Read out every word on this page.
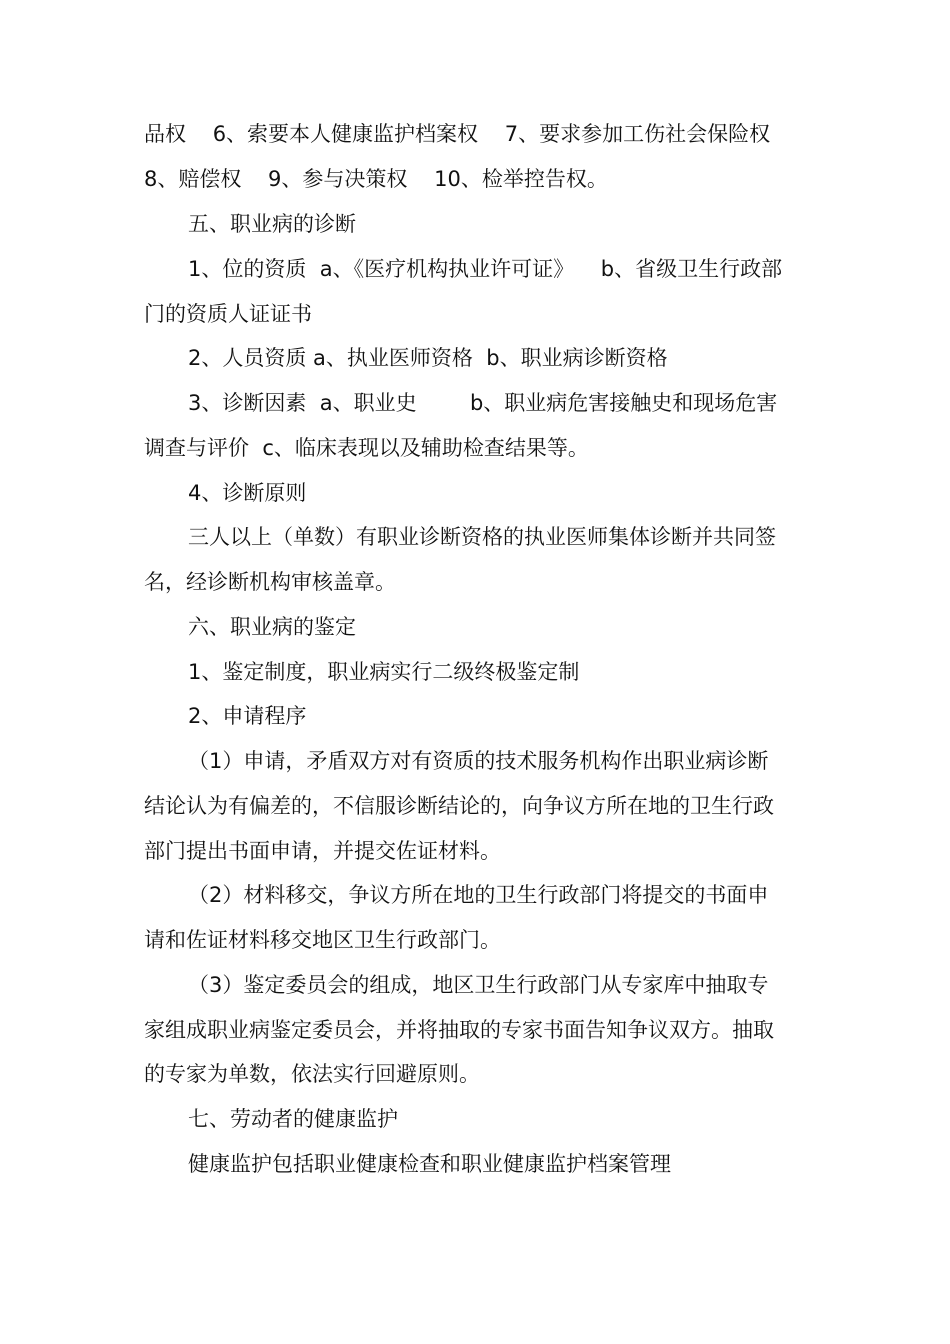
品权    6、索要本人健康监护档案权    7、要求参加工伤社会保险权
8、赔偿权    9、参与决策权    10、检举控告权。
五、职业病的诊断
1、位的资质  a、《医疗机构执业许可证》    b、省级卫生行政部
门的资质人证证书
2、人员资质 a、执业医师资格  b、职业病诊断资格
3、诊断因素  a、职业史        b、职业病危害接触史和现场危害
调查与评价  c、临床表现以及辅助检查结果等。
4、诊断原则
三人以上（单数）有职业诊断资格的执业医师集体诊断并共同签
名，经诊断机构审核盖章。
六、职业病的鉴定
1、鉴定制度，职业病实行二级终极鉴定制
2、申请程序
（1）申请，矛盾双方对有资质的技术服务机构作出职业病诊断
结论认为有偏差的，不信服诊断结论的，向争议方所在地的卫生行政
部门提出书面申请，并提交佐证材料。
（2）材料移交，争议方所在地的卫生行政部门将提交的书面申
请和佐证材料移交地区卫生行政部门。
（3）鉴定委员会的组成，地区卫生行政部门从专家库中抽取专
家组成职业病鉴定委员会，并将抽取的专家书面告知争议双方。抽取
的专家为单数，依法实行回避原则。
七、劳动者的健康监护
健康监护包括职业健康检查和职业健康监护档案管理
